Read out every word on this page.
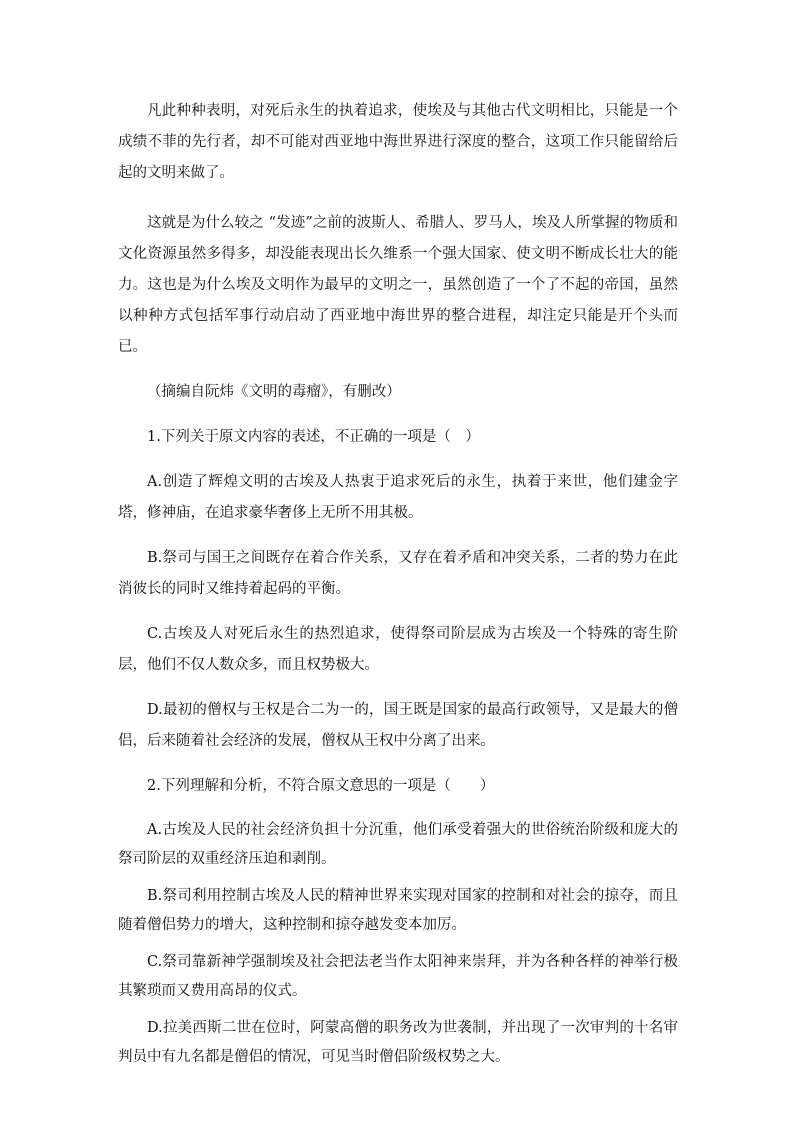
凡此种种表明，对死后永生的执着追求，使埃及与其他古代文明相比，只能是一个成绩不菲的先行者，却不可能对西亚地中海世界进行深度的整合，这项工作只能留给后起的文明来做了。

这就是为什么较之 “发迹”之前的波斯人、希腊人、罗马人，埃及人所掌握的物质和文化资源虽然多得多，却没能表现出长久维系一个强大国家、使文明不断成长壮大的能力。这也是为什么埃及文明作为最早的文明之一，虽然创造了一个了不起的帝国，虽然以种种方式包括军事行动启动了西亚地中海世界的整合进程，却注定只能是开个头而已。

（摘编自阮炜《文明的毒瘤》，有删改）

1.下列关于原文内容的表述，不正确的一项是（　）

A.创造了辉煌文明的古埃及人热衷于追求死后的永生，执着于来世，他们建金字塔，修神庙，在追求豪华奢侈上无所不用其极。

B.祭司与国王之间既存在着合作关系，又存在着矛盾和冲突关系，二者的势力在此消彼长的同时又维持着起码的平衡。

C.古埃及人对死后永生的热烈追求，使得祭司阶层成为古埃及一个特殊的寄生阶层，他们不仅人数众多，而且权势极大。

D.最初的僧权与王权是合二为一的，国王既是国家的最高行政领导，又是最大的僧侣，后来随着社会经济的发展，僧权从王权中分离了出来。

2.下列理解和分析，不符合原文意思的一项是（　　）

A.古埃及人民的社会经济负担十分沉重，他们承受着强大的世俗统治阶级和庞大的祭司阶层的双重经济压迫和剥削。

B.祭司利用控制古埃及人民的精神世界来实现对国家的控制和对社会的掠夺，而且随着僧侣势力的增大，这种控制和掠夺越发变本加厉。

C.祭司靠新神学强制埃及社会把法老当作太阳神来崇拜，并为各种各样的神举行极其繁琐而又费用高昂的仪式。

D.拉美西斯二世在位时，阿蒙高僧的职务改为世袭制，并出现了一次审判的十名审判员中有九名都是僧侣的情况，可见当时僧侣阶级权势之大。
